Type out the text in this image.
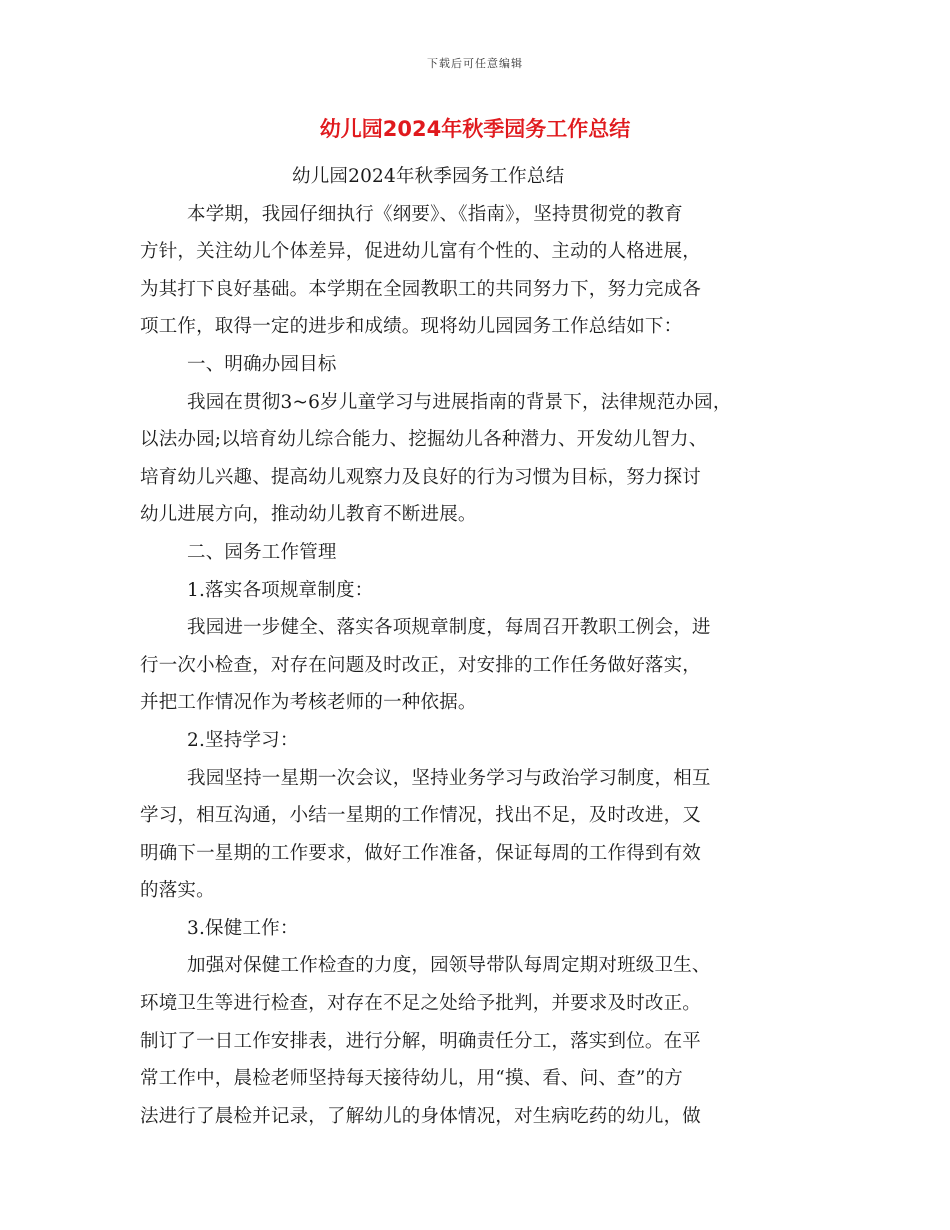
下载后可任意编辑
幼儿园2024年秋季园务工作总结
幼儿园2024年秋季园务工作总结
本学期，我园仔细执行《纲要》、《指南》，坚持贯彻党的教育
方针，关注幼儿个体差异，促进幼儿富有个性的、主动的人格进展，
为其打下良好基础。本学期在全园教职工的共同努力下，努力完成各
项工作，取得一定的进步和成绩。现将幼儿园园务工作总结如下：
一、明确办园目标
我园在贯彻3~6岁儿童学习与进展指南的背景下，法律规范办园，
以法办园;以培育幼儿综合能力、挖掘幼儿各种潜力、开发幼儿智力、
培育幼儿兴趣、提高幼儿观察力及良好的行为习惯为目标，努力探讨
幼儿进展方向，推动幼儿教育不断进展。
二、园务工作管理
1.落实各项规章制度：
我园进一步健全、落实各项规章制度，每周召开教职工例会，进
行一次小检查，对存在问题及时改正，对安排的工作任务做好落实，
并把工作情况作为考核老师的一种依据。
2.坚持学习：
我园坚持一星期一次会议，坚持业务学习与政治学习制度，相互
学习，相互沟通，小结一星期的工作情况，找出不足，及时改进，又
明确下一星期的工作要求，做好工作准备，保证每周的工作得到有效
的落实。
3.保健工作：
加强对保健工作检查的力度，园领导带队每周定期对班级卫生、
环境卫生等进行检查，对存在不足之处给予批判，并要求及时改正。
制订了一日工作安排表，进行分解，明确责任分工，落实到位。在平
常工作中，晨检老师坚持每天接待幼儿，用“摸、看、问、查”的方
法进行了晨检并记录，了解幼儿的身体情况，对生病吃药的幼儿，做
